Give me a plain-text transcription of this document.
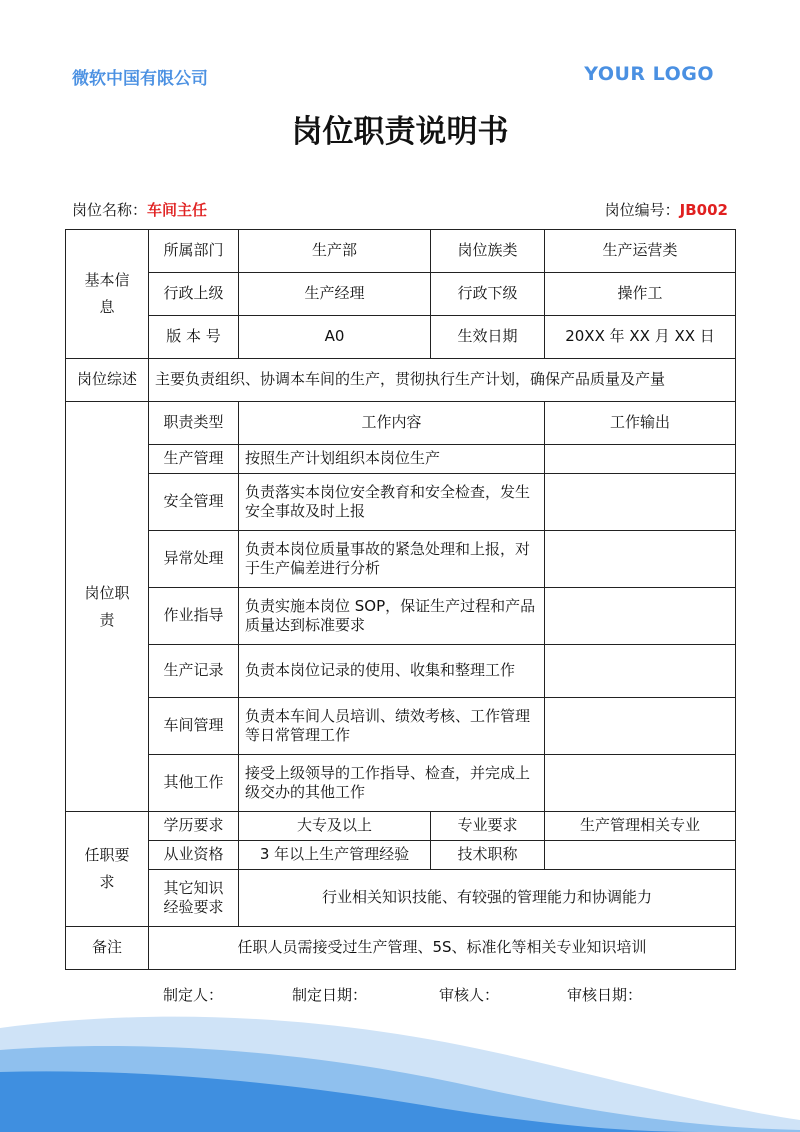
微软中国有限公司	YOUR LOGO
岗位职责说明书
岗位名称：车间主任	岗位编号：JB002
基本信息	所属部门	生产部	岗位族类	生产运营类
	行政上级	生产经理	行政下级	操作工
	版 本 号	A0	生效日期	20XX 年 XX 月 XX 日
岗位综述	主要负责组织、协调本车间的生产，贯彻执行生产计划，确保产品质量及产量			
岗位职责	职责类型	工作内容		工作输出
	生产管理	按照生产计划组织本岗位生产		
	安全管理	负责落实本岗位安全教育和安全检查，发生安全事故及时上报		
	异常处理	负责本岗位质量事故的紧急处理和上报，对于生产偏差进行分析		
	作业指导	负责实施本岗位 SOP，保证生产过程和产品质量达到标准要求		
	生产记录	负责本岗位记录的使用、收集和整理工作		
	车间管理	负责本车间人员培训、绩效考核、工作管理等日常管理工作		
	其他工作	接受上级领导的工作指导、检查，并完成上级交办的其他工作		
任职要求	学历要求	大专及以上	专业要求	生产管理相关专业
	从业资格	3 年以上生产管理经验	技术职称	
	其它知识经验要求	行业相关知识技能、有较强的管理能力和协调能力		
备注	任职人员需接受过生产管理、5S、标准化等相关专业知识培训			
制定人：	制定日期：	审核人：	审核日期：
